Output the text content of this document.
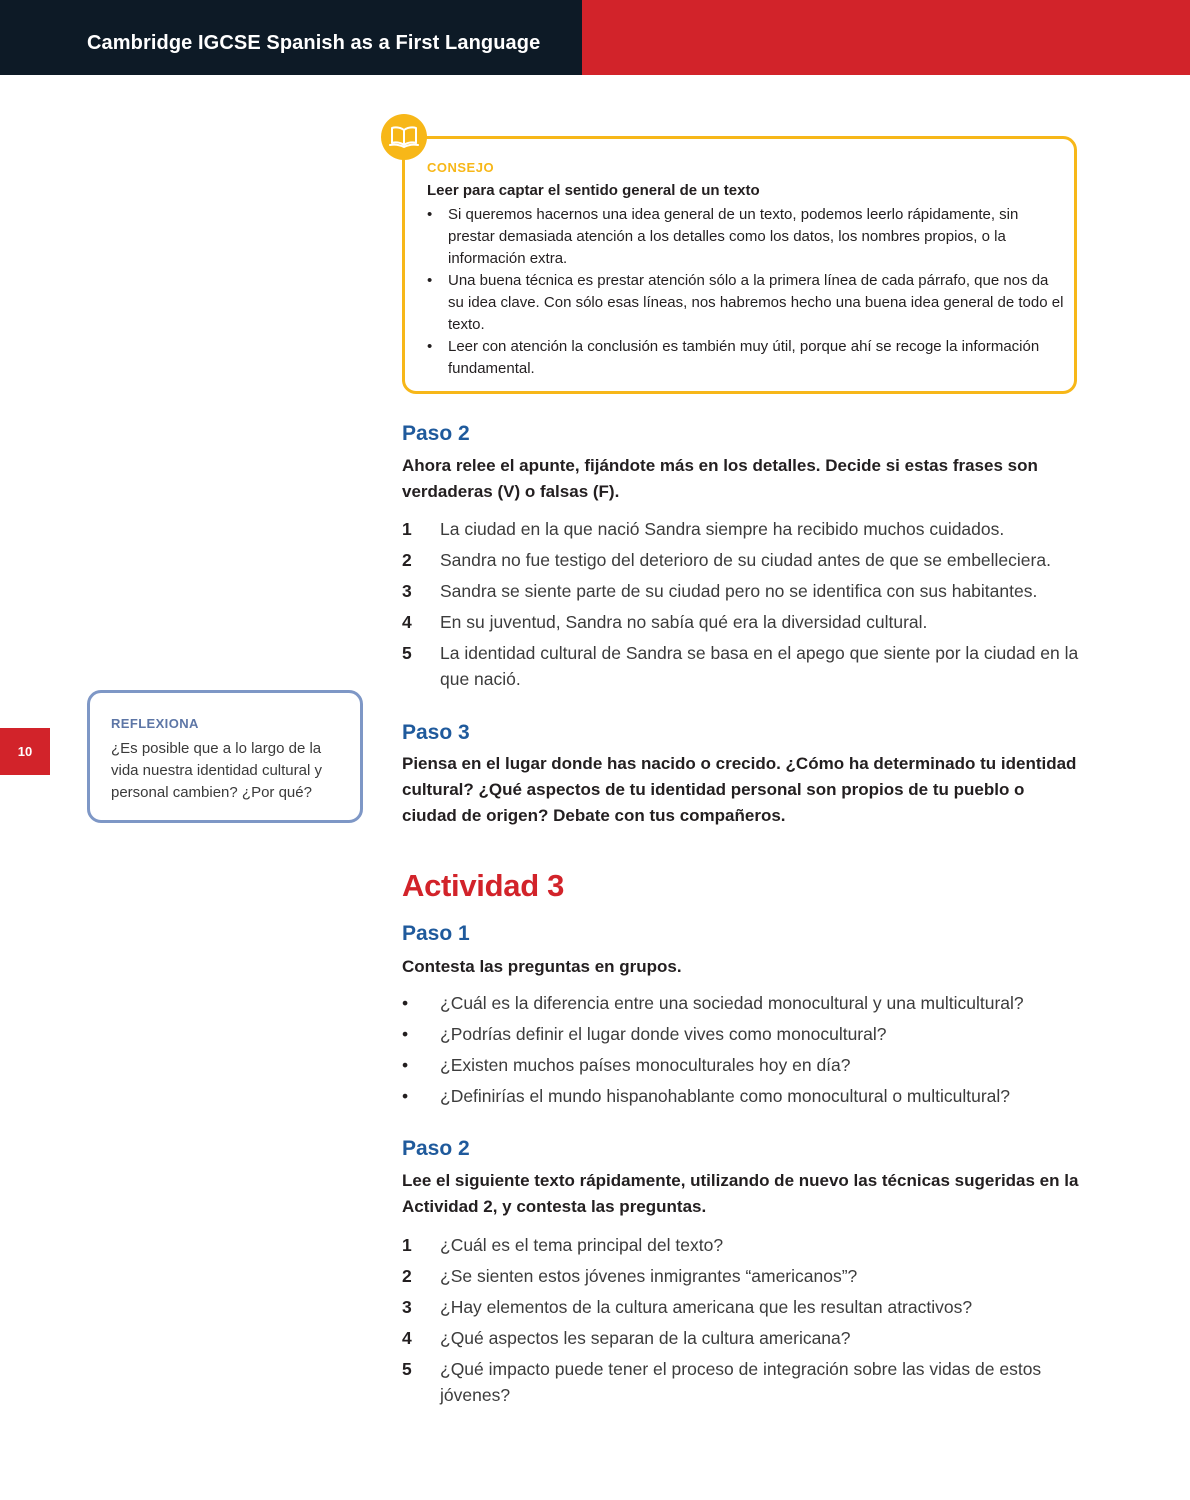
Cambridge IGCSE Spanish as a First Language
10
CONSEJO
Leer para captar el sentido general de un texto
• Si queremos hacernos una idea general de un texto, podemos leerlo rápidamente, sin prestar demasiada atención a los detalles como los datos, los nombres propios, o la información extra.
• Una buena técnica es prestar atención sólo a la primera línea de cada párrafo, que nos da su idea clave. Con sólo esas líneas, nos habremos hecho una buena idea general de todo el texto.
• Leer con atención la conclusión es también muy útil, porque ahí se recoge la información fundamental.
Paso 2

Ahora relee el apunte, fijándote más en los detalles. Decide si estas frases son verdaderas (V) o falsas (F).

1 La ciudad en la que nació Sandra siempre ha recibido muchos cuidados.
2 Sandra no fue testigo del deterioro de su ciudad antes de que se embelleciera.
3 Sandra se siente parte de su ciudad pero no se identifica con sus habitantes.
4 En su juventud, Sandra no sabía qué era la diversidad cultural.
5 La identidad cultural de Sandra se basa en el apego que siente por la ciudad en la que nació.
REFLEXIONA
¿Es posible que a lo largo de la vida nuestra identidad cultural y personal cambien? ¿Por qué?
Paso 3

Piensa en el lugar donde has nacido o crecido. ¿Cómo ha determinado tu identidad cultural? ¿Qué aspectos de tu identidad personal son propios de tu pueblo o ciudad de origen? Debate con tus compañeros.

Actividad 3
Paso 1

Contesta las preguntas en grupos.

• ¿Cuál es la diferencia entre una sociedad monocultural y una multicultural?
• ¿Podrías definir el lugar donde vives como monocultural?
• ¿Existen muchos países monoculturales hoy en día?
• ¿Definirías el mundo hispanohablante como monocultural o multicultural?
Paso 2

Lee el siguiente texto rápidamente, utilizando de nuevo las técnicas sugeridas en la Actividad 2, y contesta las preguntas.

1 ¿Cuál es el tema principal del texto?
2 ¿Se sienten estos jóvenes inmigrantes “americanos”?
3 ¿Hay elementos de la cultura americana que les resultan atractivos?
4 ¿Qué aspectos les separan de la cultura americana?
5 ¿Qué impacto puede tener el proceso de integración sobre las vidas de estos jóvenes?
